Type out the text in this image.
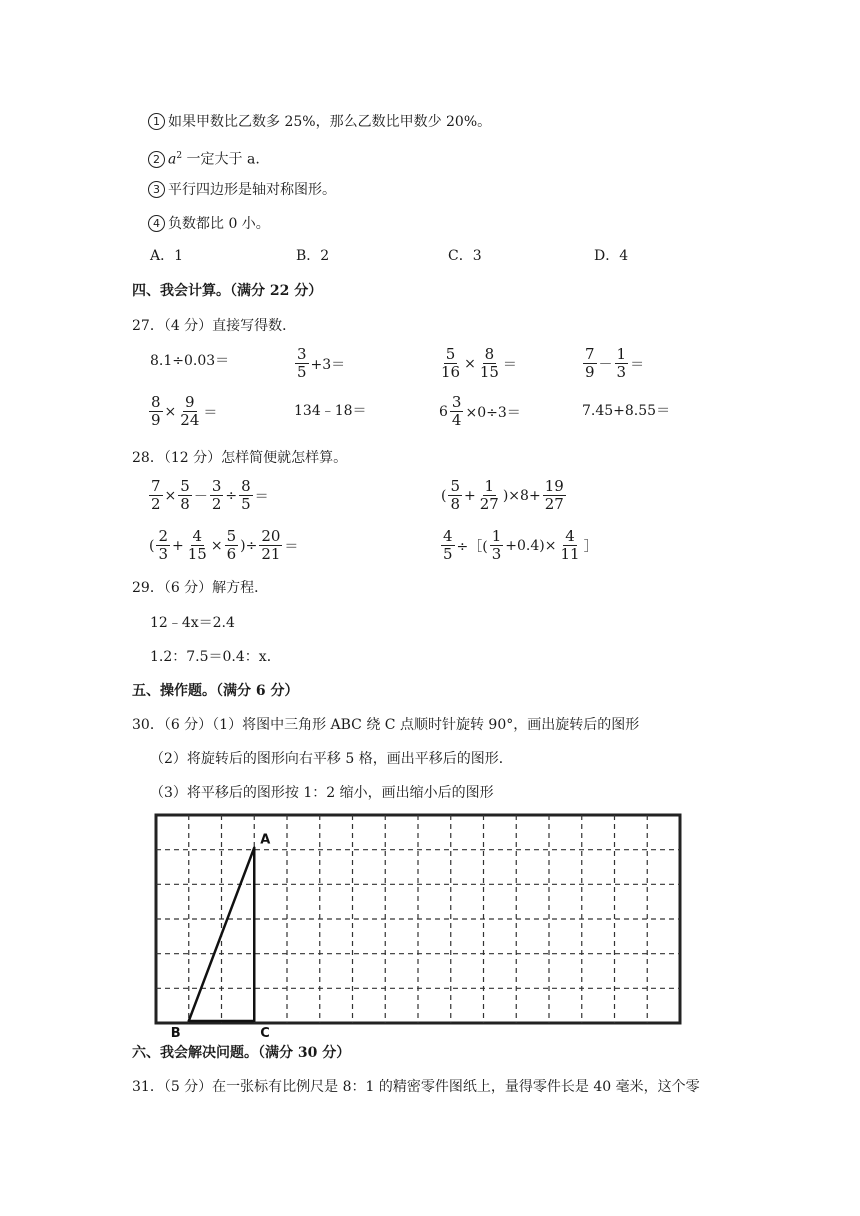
1 如果甲数比乙数多 25%，那么乙数比甲数少 20%。
2 $a^2$ 一定大于 a.
3 平行四边形是轴对称图形。
4 负数都比 0 小。
A．1	B．2	C．3	D．4
四、我会计算。（满分 22 分）
27．（4 分）直接写得数．
8.1÷0.03＝	$\frac{3}{5} +3=$	$\frac{5}{16} \times \frac{8}{15}$ ＝	$\frac{7}{9} - \frac{1}{3}$ ＝
$\frac{8}{9} \times \frac{9}{24}$ ＝	134﹣18＝	$6 \frac{3}{4} \times 0\div 3=$	7.45+8.55＝
28．（12 分）怎样简便就怎样算。
$\frac{7}{2} \times \frac{5}{8} - \frac{3}{2} \div \frac{8}{5}$ ＝	( $\frac{5}{8} + \frac{1}{27} )\times 8+ \frac{19}{27}$
( $\frac{2}{3} + \frac{4}{15} \times \frac{5}{6}$ )÷ $\frac{20}{21}$ ＝	$\frac{4}{5}$ ÷［( $\frac{1}{3} +0.4)\times \frac{4}{11}$ ］
29．（6 分）解方程．
12﹣4x＝2.4
1.2：7.5＝0.4：x．
五、操作题。（满分 6 分）
30．（6 分）（1）将图中三角形 ABC 绕 C 点顺时针旋转 90°，画出旋转后的图形
（2）将旋转后的图形向右平移 5 格，画出平移后的图形．
（3）将平移后的图形按 1：2 缩小，画出缩小后的图形
A
B	C
六、我会解决问题。（满分 30 分）
31．（5 分）在一张标有比例尺是 8：1 的精密零件图纸上，量得零件长是 40 毫米，这个零
